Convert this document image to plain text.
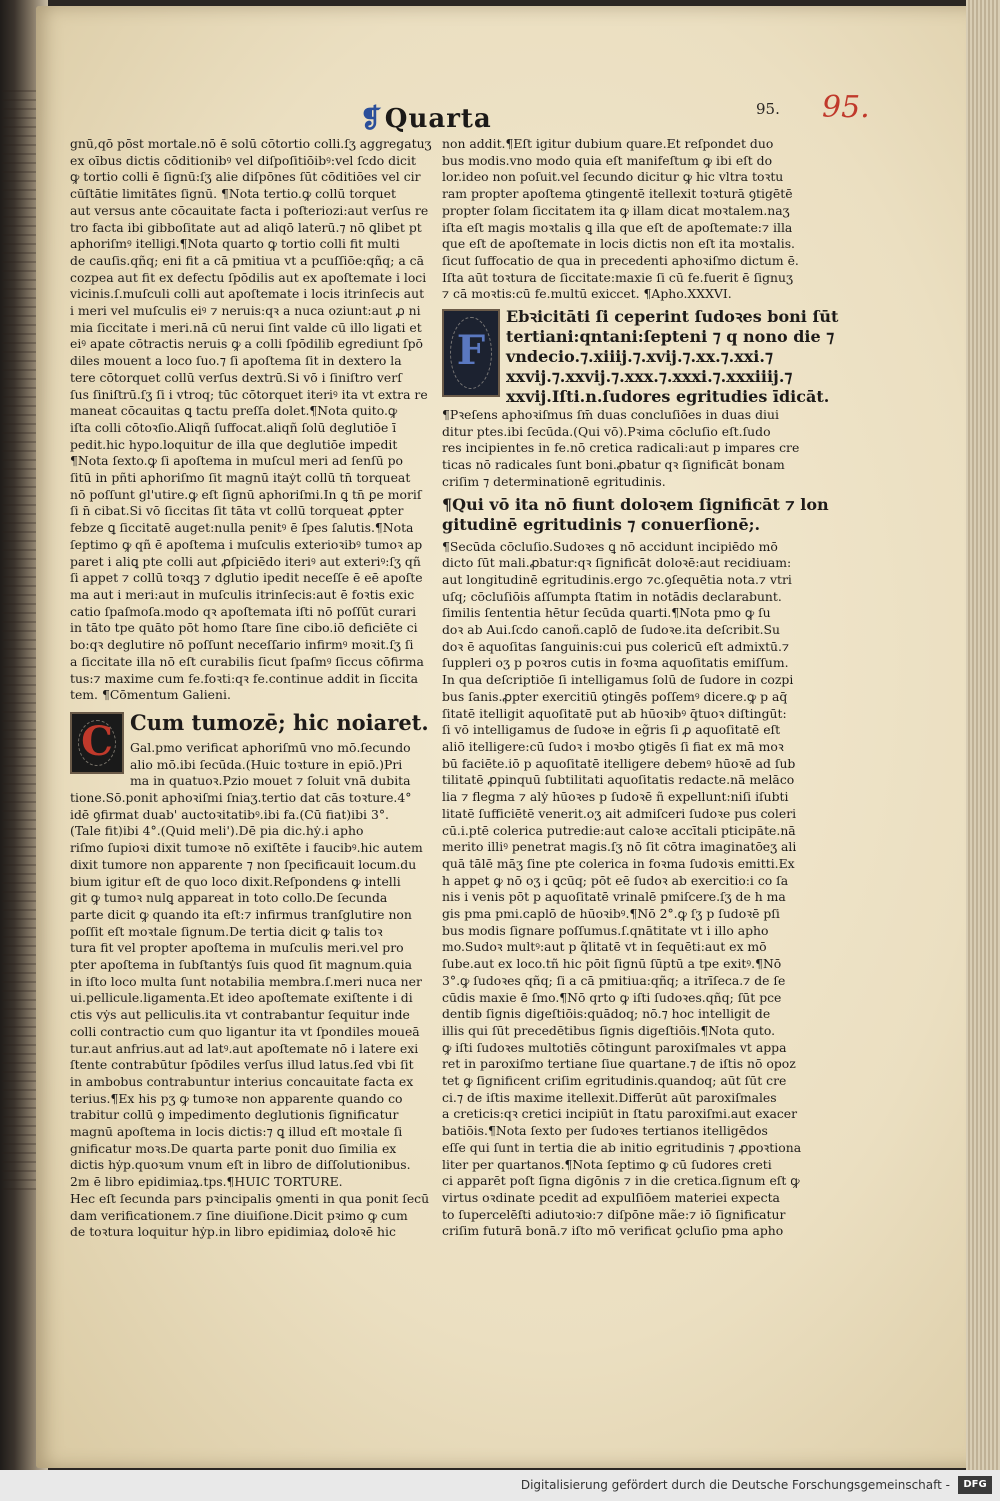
❡Quarta	95. 95.
gnū,qō pōst mortale.nō ē solū cōtortio colli.ſʒ aggregatuʒ
ex oībus dictis cōditionibꝰ vel diſpoſitiōibꝰ:vel ſcdo dicit
ꝙ tortio colli ē ſignū:ſʒ alie diſpōnes ſūt cōditiōes vel cir
cūſtātie limitātes ſignū. ¶Nota tertio.ꝙ collū torquet
aut versus ante cōcauitate facta i poſteriozi:aut verſus re
tro facta ibi gibboſitate aut ad aliqō laterū.⁊ nō ꝗlibet pt
aphoriſmꝰ itelligi.¶Nota quarto ꝙ tortio colli fit multi
de cauſis.qñq; eni fit a cā pmitiua vt a pcuſſiōe:qñq; a cā
cozpea aut fit ex defectu ſpōdilis aut ex apoſtemate i loci
vicinis.ſ.muſculi colli aut apoſtemate i locis itrinſecis aut
i meri vel muſculis eiꝰ ⁊ neruis:qꝛ a nuca oziunt:aut ꝓ ni
mia ſiccitate i meri.nā cū nerui ſint valde cū illo ligati et
eiꝰ apate cōtractis neruis ꝙ a colli ſpōdilib egrediunt ſpō
diles mouent a loco ſuo.⁊ ſi apoſtema ſit in dextero la
tere cōtorquet collū verſus dextrū.Si vō i ſiniſtro verſ
ſus ſiniſtrū.ſʒ ſi i vtroq; tūc cōtorquet iteriꝰ ita vt extra re
maneat cōcauitas ꝗ tactu preſſa dolet.¶Nota quito.ꝙ
iſta colli cōtoꝛſio.Aliqñ ſuffocat.aliqñ ſolū deglutiōe ī
pedit.hic hypo.loquitur de illa que deglutiōe impedit
¶Nota ſexto.ꝙ ſi apoſtema in muſcul meri ad ſenſū po
ſitū in pñti aphoriſmo ſit magnū itaẏt collū tn̄ torqueat
nō poſſunt gl'utire.ꝙ eſt ſignū aphoriſmi.In ꝗ tn̄ ꝑe moriſ
ſi n̄ cibat.Si vō ſiccitas ſit tāta vt collū torqueat ꝓpter
febze ꝗ ſiccitatē auget:nulla penitꝰ ē ſpes ſalutis.¶Nota
ſeptimo ꝙ qñ ē apoſtema i muſculis exterioꝛibꝰ tumoꝛ ap
paret i aliꝗ pte colli aut ꝓſpiciēdo iteriꝰ aut exteriꝰ:ſʒ qñ
ſi appet ⁊ collū toꝛqꝫ ⁊ dglutio ipedit neceſſe ē eē apoſte
ma aut i meri:aut in muſculis itrinſecis:aut ē foꝛtis exic
catio ſpaſmoſa.modo qꝛ apoſtemata iſti nō poſſūt curari
in tāto tpe quāto pōt homo ſtare ſine cibo.iō deficiēte ci
bo:qꝛ deglutire nō poſſunt neceſſario infirmꝰ moꝛit.ſʒ ſi
a ſiccitate illa nō eſt curabilis ſicut ſpaſmꝰ ſiccus cōfirma
tus:⁊ maxime cum fe.foꝛti:qꝛ fe.continue addit in ſiccita
tem. ¶Cōmentum Galieni.
C Cum tumozē; hic noiaret.
Gal.pmo verificat aphoriſmū vno mō.ſecundo
alio mō.ibi ſecūda.(Huic toꝛture in epiō.)Pri
ma in quatuoꝛ.Pzio mouet ⁊ ſoluit vnā dubita
tione.Sō.ponit aphoꝛiſmi ſniaʒ.tertio dat cās toꝛture.4°
idē ꝯfirmat duab' auctoꝛitatibꝰ.ibi fa.(Cū fiat)ibi 3°.
(Tale fit)ibi 4°.(Quid meli').Dē pia dic.hẏ.i apho
riſmo ſupioꝛi dixit tumoꝛe nō exiſtēte i faucibꝰ.hic autem
dixit tumore non apparente ⁊ non ſpecificauit locum.du
bium igitur eſt de quo loco dixit.Reſpondens ꝙ intelli
git ꝙ tumoꝛ nulꝗ appareat in toto collo.De ſecunda
parte dicit ꝙ quando ita eſt:⁊ infirmus tranſglutire non
poſſit eſt moꝛtale ſignum.De tertia dicit ꝙ talis toꝛ
tura fit vel propter apoſtema in muſculis meri.vel pro
pter apoſtema in ſubſtantẏs ſuis quod ſit magnum.quia
in iſto loco multa ſunt notabilia membra.ſ.meri nuca ner
ui.pellicule.ligamenta.Et ideo apoſtemate exiſtente i di
ctis vẏs aut pelliculis.ita vt contrabantur ſequitur inde
colli contractio cum quo ligantur ita vt ſpondiles moueā
tur.aut anfrius.aut ad latꝰ.aut apoſtemate nō i latere exi
ſtente contrabūtur ſpōdiles verſus illud latus.ſed vbi ſit
in ambobus contrabuntur interius concauitate facta ex
terius.¶Ex his pʒ ꝙ tumoꝛe non apparente quando co
trabitur collū ꝯ impedimento deglutionis ſignificatur
magnū apoſtema in locis dictis:⁊ ꝗ illud eſt moꝛtale ſi
gnificatur moꝛs.De quarta parte ponit duo ſimilia ex
dictis hẏp.quoꝛum vnum eſt in libro de diſſolutionibus.
2m ē libro epidimiaꝝ.tps.¶HUIC TORTURE.
Hec eſt ſecunda pars pꝛincipalis ꝯmenti in qua ponit ſecū
dam verificationem.⁊ ſine diuiſione.Dicit pꝛimo ꝙ cum
de toꝛtura loquitur hẏp.in libro epidimiaꝝ doloꝛē hic
non addit.¶Eſt igitur dubium quare.Et reſpondet duo
bus modis.vno modo quia eſt manifeſtum ꝙ ibi eſt do
lor.ideo non poſuit.vel ſecundo dicitur ꝙ hic vltra toꝛtu
ram propter apoſtema ꝯtingentē itellexit toꝛturā ꝯtigētē
propter ſolam ſiccitatem ita ꝙ illam dicat moꝛtalem.naʒ
iſta eſt magis moꝛtalis ꝗ illa que eſt de apoſtemate:⁊ illa
que eſt de apoſtemate in locis dictis non eſt ita moꝛtalis.
ſicut ſuffocatio de qua in precedenti aphoꝛiſmo dictum ē.
Iſta aūt toꝛtura de ſiccitate:maxie ſi cū fe.fuerit ē ſignuʒ
⁊ cā moꝛtis:cū fe.multū exiccet. ¶Apho.XXXVI.
F
Ebꝛicitāti ſi ceperint ſudoꝛes boni ſūt
tertiani:qntani:ſepteni ⁊ q nono die ⁊
vndecio.⁊.xiiij.⁊.xvij.⁊.xx.⁊.xxi.⁊
xxvij.⁊.xxvij.⁊.xxx.⁊.xxxi.⁊.xxxiiij.⁊
xxvij.Iſti.n.ſudores egritudies īdicāt.
¶Pꝛeſens aphoꝛiſmus ſm̄ duas concluſiōes in duas diui
ditur ptes.ibi ſecūda.(Qui vō).Pꝛima cōcluſio eſt.ſudo
res incipientes in fe.nō cretica radicali:aut p impares cre
ticas nō radicales ſunt boni.ꝓbatur qꝛ ſignificāt bonam
criſim ⁊ determinationē egritudinis.
¶Qui vō ita nō fiunt doloꝛem ſignificāt ⁊ lon
gitudinē egritudinis ⁊ conuerſionē;.
¶Secūda cōcluſio.Sudoꝛes ꝗ nō accidunt incipiēdo mō
dicto ſūt mali.ꝓbatur:qꝛ ſignificāt doloꝛē:aut recidiuam:
aut longitudinē egritudinis.ergo ⁊c.ꝯſequētia nota.⁊ vtri
uſq; cōcluſiōis aſſumpta ſtatim in notādis declarabunt.
ſimilis ſententia hētur ſecūda quarti.¶Nota pmo ꝙ ſu
doꝛ ab Aui.ſcdo canoñ.caplō de ſudoꝛe.ita deſcribit.Su
doꝛ ē aquoſitas ſanguinis:cui pus colericū eſt admixtū.⁊
ſuppleri oʒ p poꝛros cutis in foꝛma aquoſitatis emiſſum.
In qua deſcriptiōe ſi intelligamus ſolū de ſudore in cozpi
bus ſanis.ꝓpter exercitiū ꝯtingēs poſſemꝰ dicere.ꝙ p aq̄
ſitatē itelligit aquoſitatē put ab hūoꝛibꝰ q̄tuoꝛ diſtingūt:
ſi vō intelligamus de ſudoꝛe in eg̃ris ſi ꝓ aquoſitatē eſt
aliō itelligere:cū ſudoꝛ i moꝛbo ꝯtigēs ſi fiat ex mā moꝛ
bū faciēte.iō p aquoſitatē itelligere debemꝰ hūoꝛē ad ſub
tilitatē ꝓpinquū ſubtilitati aquoſitatis redacte.nā melāco
lia ⁊ flegma ⁊ alẏ hūoꝛes p ſudoꝛē ñ expellunt:niſi iſubti
litatē ſufficiētē venerit.oʒ ait admiſceri ſudoꝛe pus coleri
cū.i.ptē colerica putredie:aut caloꝛe accītali pticipāte.nā
merito illiꝰ penetrat magis.ſʒ nō ſit cōtra imaginatōeʒ ali
quā tālē māʒ ſine pte colerica in foꝛma ſudoꝛis emitti.Ex
h appet ꝙ nō oʒ i ꝗcūq; pōt eē ſudoꝛ ab exercitio:i co ſa
nis i venis pōt p aquoſitatē vrinalē pmiſcere.ſʒ de h ma
gis pma pmi.caplō de hūoꝛibꝰ.¶Nō 2°.ꝙ ſʒ p ſudoꝛē pſi
bus modis ſignare poſſumus.ſ.qnātitate vt i illo apho
mo.Sudoꝛ multꝰ:aut p q̃litatē vt in ſequēti:aut ex mō
ſube.aut ex loco.tñ hic pōit ſignū ſūptū a tpe exitꝰ.¶Nō
3°.ꝙ ſudoꝛes qñq; ſi a cā pmitiua:qñq; a itrīſeca.⁊ de ſe
cūdis maxie ē ſmo.¶Nō qrto ꝙ iſti ſudoꝛes.qñq; ſūt pce
dentib ſignis digeſtiōis:quādoq; nō.⁊ hoc intelligit de
illis qui ſūt precedētibus ſignis digeſtiōis.¶Nota quto.
ꝙ iſti ſudoꝛes multotiēs cōtingunt paroxiſmales vt appa
ret in paroxiſmo tertiane ſiue quartane.⁊ de iſtis nō opoz
tet ꝙ ſignificent criſim egritudinis.quandoq; aūt ſūt cre
ci.⁊ de iſtis maxime itellexit.Differūt aūt paroxiſmales
a creticis:qꝛ cretici incipiūt in ſtatu paroxiſmi.aut exacer
batiōis.¶Nota ſexto per ſudoꝛes tertianos itelligēdos
eſſe qui ſunt in tertia die ab initio egritudinis ⁊ ꝓpoꝛtiona
liter per quartanos.¶Nota ſeptimo ꝙ cū ſudores creti
ci apparēt poſt ſigna digōnis ⁊ in die cretica.ſignum eſt ꝙ
virtus oꝛdinate pcedit ad expulſiōem materiei expecta
to ſupercelēſti adiutoꝛio:⁊ diſpōne mãe:⁊ iō ſignificatur
criſim futurā bonā.⁊ iſto mō verificat ꝯcluſio pma apho
Digitalisierung gefördert durch die Deutsche Forschungsgemeinschaft -	DFG
